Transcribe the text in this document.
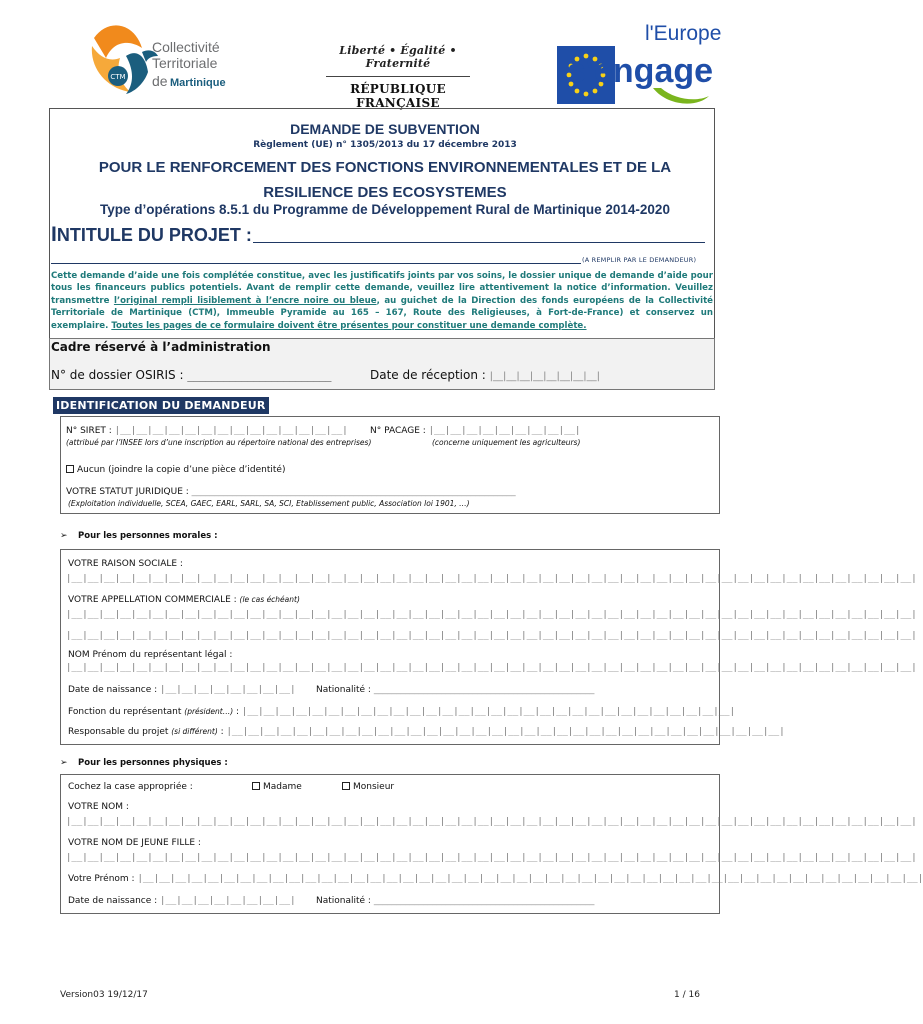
CTM
Collectivité
Territoriale
de Martinique
Liberté • Égalité • Fraternité
RÉPUBLIQUE FRANÇAISE
l'Europe
s'engage
DEMANDE DE SUBVENTION
Règlement (UE) n° 1305/2013 du 17 décembre 2013
POUR LE RENFORCEMENT DES FONCTIONS ENVIRONNEMENTALES ET DE LA
RESILIENCE DES ECOSYSTEMES
Type d’opérations 8.5.1 du Programme de Développement Rural de Martinique 2014-2020
INTITULE DU PROJET :
(A REMPLIR PAR LE DEMANDEUR)
Cette demande d’aide une fois complétée constitue, avec les justificatifs joints par vos soins, le dossier unique de demande d’aide pour tous les financeurs publics potentiels. Avant de remplir cette demande, veuillez lire attentivement la notice d’information. Veuillez transmettre l’original rempli lisiblement à l’encre noire ou bleue, au guichet de la Direction des fonds européens de la Collectivité Territoriale de Martinique (CTM), Immeuble Pyramide au 165 – 167, Route des Religieuses, à Fort-de-France) et conservez un exemplaire. Toutes les pages de ce formulaire doivent être présentes pour constituer une demande complète.
Cadre réservé à l’administration
N° de dossier OSIRIS : ________________________	Date de réception : |__|__|__|__|__|__|__|__|
IDENTIFICATION DU DEMANDEUR
N° SIRET : |__|__|__|__|__|__|__|__|__|__|__|__|__|__|
(attribué par l’INSEE lors d’une inscription au répertoire national des entreprises)
N° PACAGE : |__|__|__|__|__|__|__|__|__|
(concerne uniquement les agriculteurs)
Aucun (joindre la copie d’une pièce d’identité)
VOTRE STATUT JURIDIQUE : ________________________________________________________________________
(Exploitation individuelle, SCEA, GAEC, EARL, SARL, SA, SCI, Etablissement public, Association loi 1901, …)
➢ Pour les personnes morales :
VOTRE RAISON SOCIALE :
|__|__|__|__|__|__|__|__|__|__|__|__|__|__|__|__|__|__|__|__|__|__|__|__|__|__|__|__|__|__|__|__|__|__|__|__|__|__|__|__|__|__|__|__|__|__|__|__|__|__|__|__|
VOTRE APPELLATION COMMERCIALE : (le cas échéant)
|__|__|__|__|__|__|__|__|__|__|__|__|__|__|__|__|__|__|__|__|__|__|__|__|__|__|__|__|__|__|__|__|__|__|__|__|__|__|__|__|__|__|__|__|__|__|__|__|__|__|__|__|
|__|__|__|__|__|__|__|__|__|__|__|__|__|__|__|__|__|__|__|__|__|__|__|__|__|__|__|__|__|__|__|__|__|__|__|__|__|__|__|__|__|__|__|__|__|__|__|__|__|__|__|__|
NOM Prénom du représentant légal :
|__|__|__|__|__|__|__|__|__|__|__|__|__|__|__|__|__|__|__|__|__|__|__|__|__|__|__|__|__|__|__|__|__|__|__|__|__|__|__|__|__|__|__|__|__|__|__|__|__|__|__|__|
Date de naissance : |__|__|__|__|__|__|__|__| Nationalité : _________________________________________________
Fonction du représentant (président…) : |__|__|__|__|__|__|__|__|__|__|__|__|__|__|__|__|__|__|__|__|__|__|__|__|__|__|__|__|__|__|
Responsable du projet (si différent) : |__|__|__|__|__|__|__|__|__|__|__|__|__|__|__|__|__|__|__|__|__|__|__|__|__|__|__|__|__|__|__|__|__|__|
➢ Pour les personnes physiques :
Cochez la case appropriée :	Madame	Monsieur
VOTRE NOM :
|__|__|__|__|__|__|__|__|__|__|__|__|__|__|__|__|__|__|__|__|__|__|__|__|__|__|__|__|__|__|__|__|__|__|__|__|__|__|__|__|__|__|__|__|__|__|__|__|__|__|__|__|
VOTRE NOM DE JEUNE FILLE :
|__|__|__|__|__|__|__|__|__|__|__|__|__|__|__|__|__|__|__|__|__|__|__|__|__|__|__|__|__|__|__|__|__|__|__|__|__|__|__|__|__|__|__|__|__|__|__|__|__|__|__|__|
Votre Prénom : |__|__|__|__|__|__|__|__|__|__|__|__|__|__|__|__|__|__|__|__|__|__|__|__|__|__|__|__|__|__|__|__|__|__|__|__|__|__|__|__|__|__|__|__|__|__|__|__|
Date de naissance : |__|__|__|__|__|__|__|__| Nationalité : _________________________________________________
Version03 19/12/17	1 / 16
